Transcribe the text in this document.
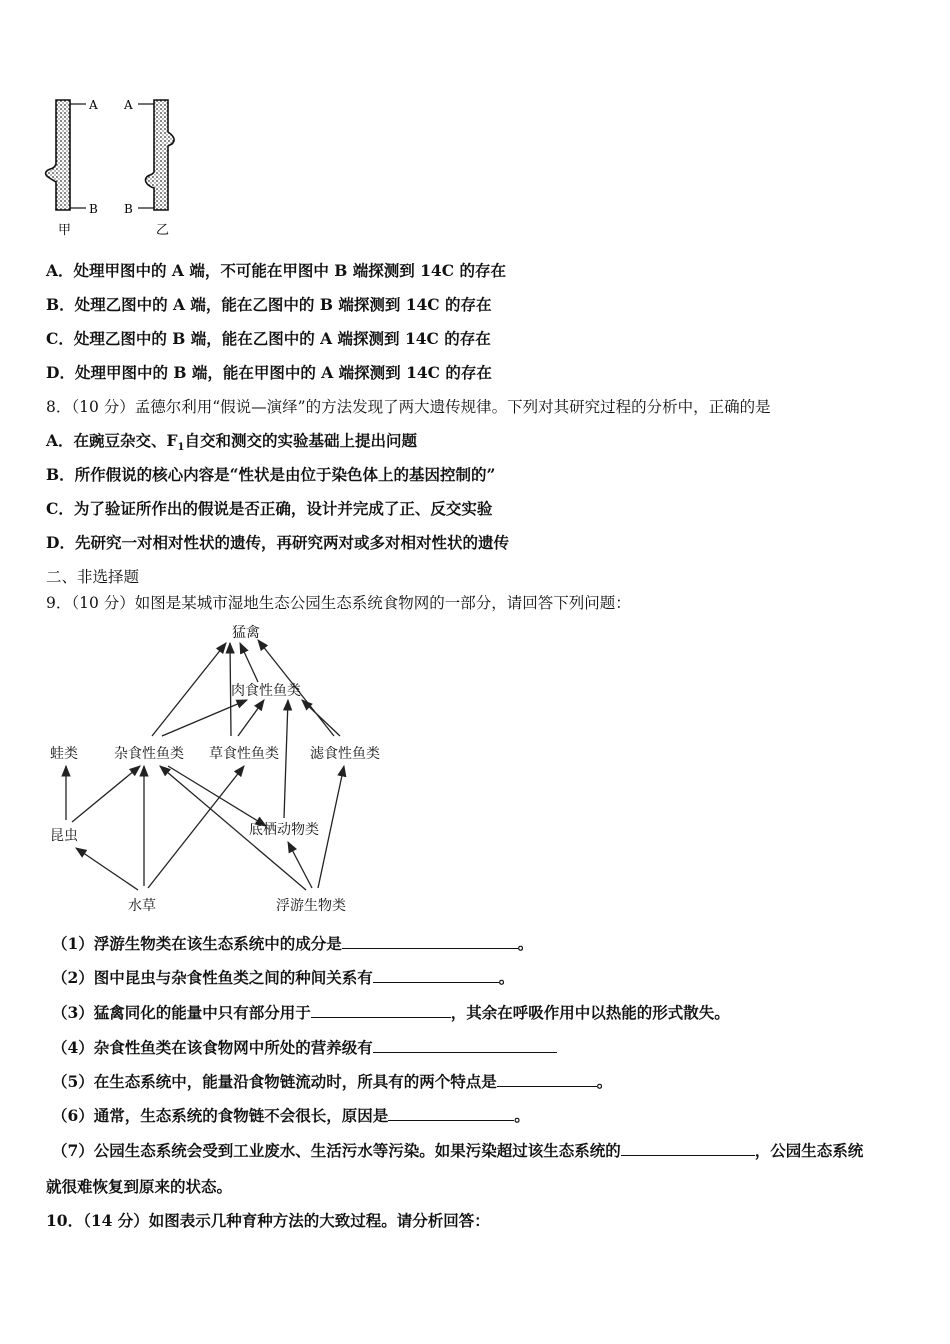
A
B
甲
A
B
乙
A．处理甲图中的 A 端，不可能在甲图中 B 端探测到 14C 的存在
B．处理乙图中的 A 端，能在乙图中的 B 端探测到 14C 的存在
C．处理乙图中的 B 端，能在乙图中的 A 端探测到 14C 的存在
D．处理甲图中的 B 端，能在甲图中的 A 端探测到 14C 的存在
8．（10 分）孟德尔利用“假说—演绎”的方法发现了两大遗传规律。下列对其研究过程的分析中，正确的是
A．在豌豆杂交、$F_1$自交和测交的实验基础上提出问题
B．所作假说的核心内容是“性状是由位于染色体上的基因控制的”
C．为了验证所作出的假说是否正确，设计并完成了正、反交实验
D．先研究一对相对性状的遗传，再研究两对或多对相对性状的遗传
二、非选择题
9．（10 分）如图是某城市湿地生态公园生态系统食物网的一部分，请回答下列问题：
猛禽
肉食性鱼类
蛙类	杂食性鱼类 草食性鱼类 滤食性鱼类
底栖动物类
昆虫
水草	浮游生物类
（1）浮游生物类在该生态系统中的成分是	。
（2）图中昆虫与杂食性鱼类之间的种间关系有	。
（3）猛禽同化的能量中只有部分用于	，其余在呼吸作用中以热能的形式散失。
（4）杂食性鱼类在该食物网中所处的营养级有
（5）在生态系统中，能量沿食物链流动时，所具有的两个特点是	。
（6）通常，生态系统的食物链不会很长，原因是	。
（7）公园生态系统会受到工业废水、生活污水等污染。如果污染超过该生态系统的	，公园生态系统
就很难恢复到原来的状态。
10．（14 分）如图表示几种育种方法的大致过程。请分析回答：
